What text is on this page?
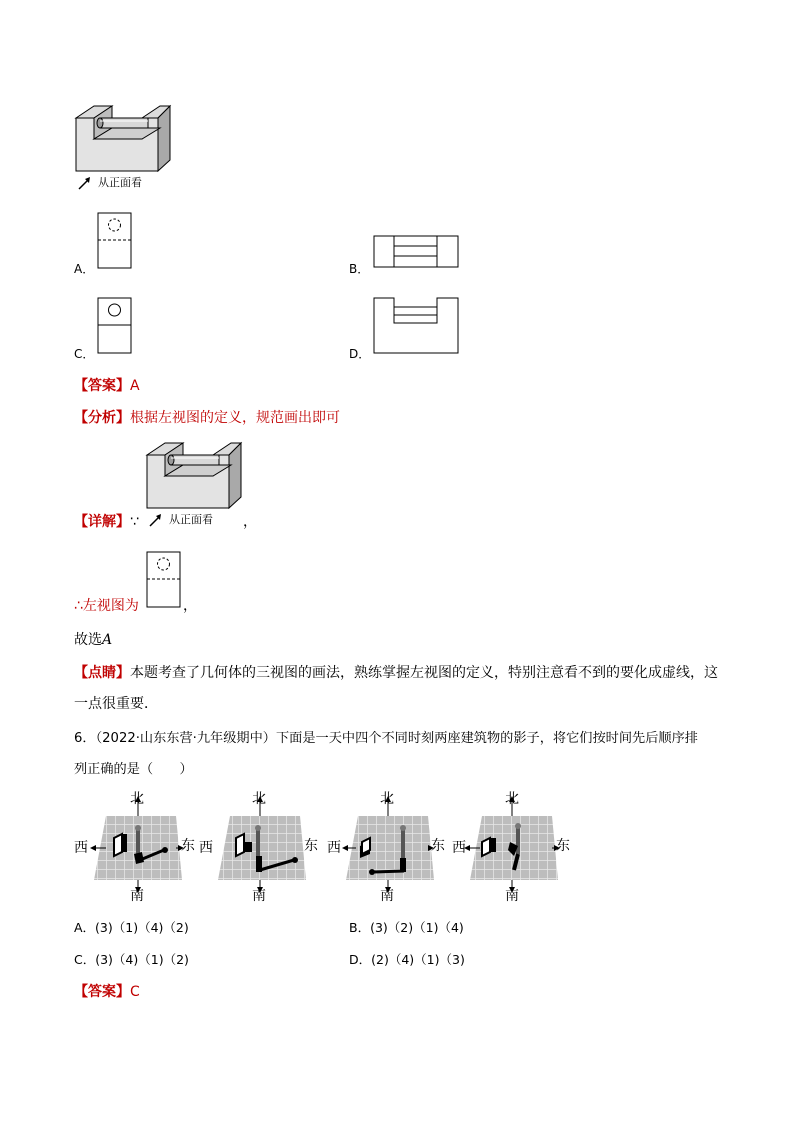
从正面看
A．	B．
C．	D．
【答案】A
【分析】根据左视图的定义，规范画出即可
从正面看
【详解】∵	，
∴左视图为	，
故选A
【点睛】本题考查了几何体的三视图的画法，熟练掌握左视图的定义，特别注意看不到的要化成虚线，这
一点很重要．
6．（2022·山东东营·九年级期中）下面是一天中四个不同时刻两座建筑物的影子，将它们按时间先后顺序排
列正确的是（　　）
北
南
西	东 西
北
南
东 西
北
南
东 西
北
南
东
A．(3)（1)（4)（2)	B．(3)（2)（1)（4)
C．(3)（4)（1)（2)	D．(2)（4)（1)（3)
【答案】C
